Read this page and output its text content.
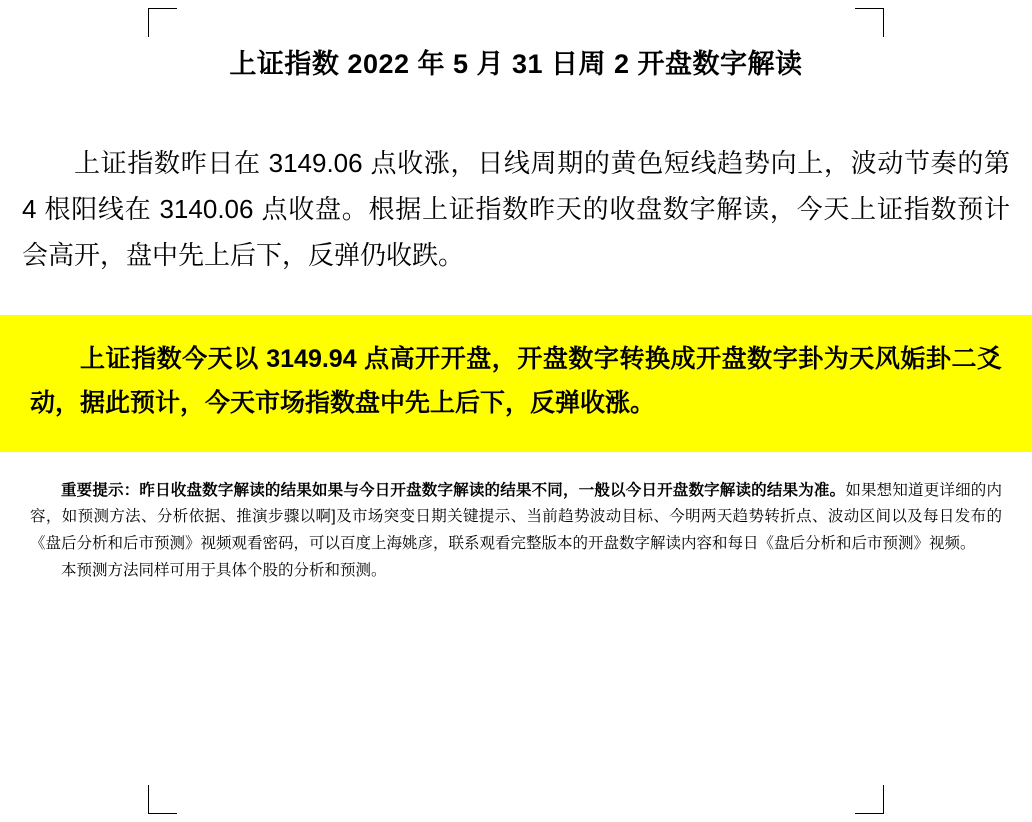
上证指数 2022 年 5 月 31 日周 2 开盘数字解读

上证指数昨日在 3149.06 点收涨，日线周期的黄色短线趋势向上，波动节奏的第 4 根阳线在 3140.06 点收盘。根据上证指数昨天的收盘数字解读，今天上证指数预计会高开，盘中先上后下，反弹仍收跌。

上证指数今天以 3149.94 点高开开盘，开盘数字转换成开盘数字卦为天风姤卦二爻动，据此预计，今天市场指数盘中先上后下，反弹收涨。

重要提示：昨日收盘数字解读的结果如果与今日开盘数字解读的结果不同，一般以今日开盘数字解读的结果为准。如果想知道更详细的内容，如预测方法、分析依据、推演步骤以啊]及市场突变日期关键提示、当前趋势波动目标、今明两天趋势转折点、波动区间以及每日发布的《盘后分析和后市预测》视频观看密码，可以百度上海姚彦，联系观看完整版本的开盘数字解读内容和每日《盘后分析和后市预测》视频。

本预测方法同样可用于具体个股的分析和预测。
